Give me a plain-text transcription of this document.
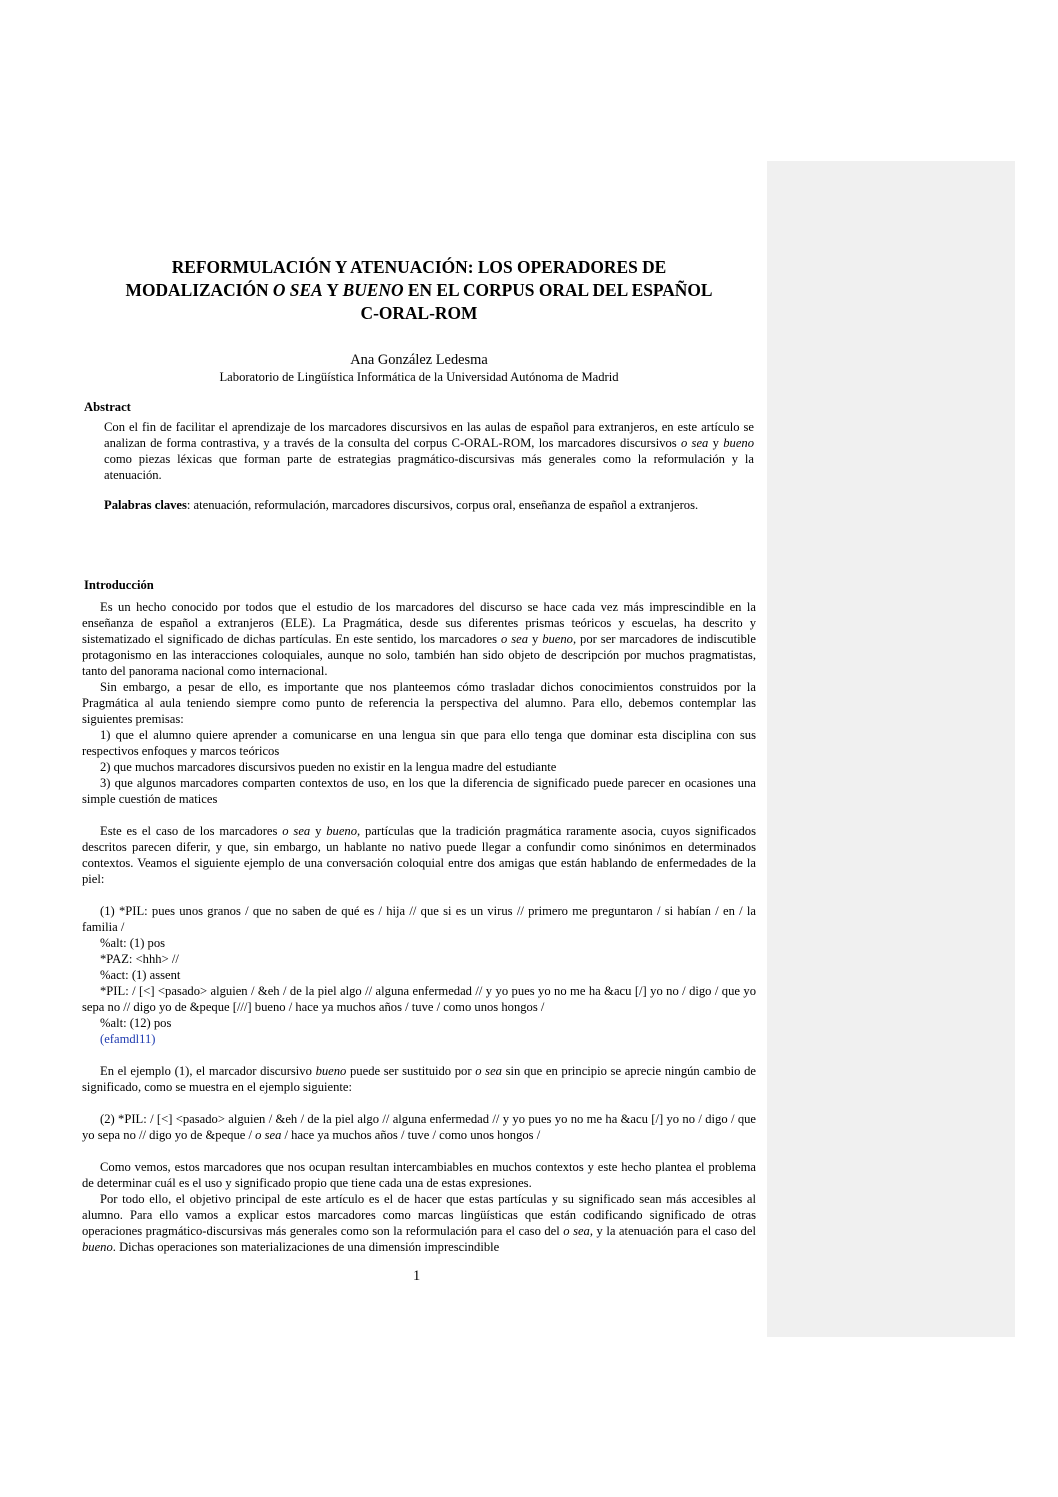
REFORMULACIÓN Y ATENUACIÓN: LOS OPERADORES DE
MODALIZACIÓN O SEA Y BUENO EN EL CORPUS ORAL DEL ESPAÑOL
C-ORAL-ROM
Ana González Ledesma
Laboratorio de Lingüística Informática de la Universidad Autónoma de Madrid
Abstract
Con el fin de facilitar el aprendizaje de los marcadores discursivos en las aulas de español para extranjeros, en este artículo se analizan de forma contrastiva, y a través de la consulta del corpus C-ORAL-ROM, los marcadores discursivos o sea y bueno como piezas léxicas que forman parte de estrategias pragmático-discursivas más generales como la reformulación y la atenuación.
Palabras claves: atenuación, reformulación, marcadores discursivos, corpus oral, enseñanza de español a extranjeros.
Introducción

Es un hecho conocido por todos que el estudio de los marcadores del discurso se hace cada vez más imprescindible en la enseñanza de español a extranjeros (ELE). La Pragmática, desde sus diferentes prismas teóricos y escuelas, ha descrito y sistematizado el significado de dichas partículas. En este sentido, los marcadores o sea y bueno, por ser marcadores de indiscutible protagonismo en las interacciones coloquiales, aunque no solo, también han sido objeto de descripción por muchos pragmatistas, tanto del panorama nacional como internacional.

Sin embargo, a pesar de ello, es importante que nos planteemos cómo trasladar dichos conocimientos construidos por la Pragmática al aula teniendo siempre como punto de referencia la perspectiva del alumno. Para ello, debemos contemplar las siguientes premisas:

1) que el alumno quiere aprender a comunicarse en una lengua sin que para ello tenga que dominar esta disciplina con sus respectivos enfoques y marcos teóricos

2) que muchos marcadores discursivos pueden no existir en la lengua madre del estudiante

3) que algunos marcadores comparten contextos de uso, en los que la diferencia de significado puede parecer en ocasiones una simple cuestión de matices

Este es el caso de los marcadores o sea y bueno, partículas que la tradición pragmática raramente asocia, cuyos significados descritos parecen diferir, y que, sin embargo, un hablante no nativo puede llegar a confundir como sinónimos en determinados contextos. Veamos el siguiente ejemplo de una conversación coloquial entre dos amigas que están hablando de enfermedades de la piel:

(1) *PIL: pues unos granos / que no saben de qué es / hija // que si es un virus // primero me preguntaron / si habían / en / la familia /

%alt: (1) pos
*PAZ: <hhh> //
%act: (1) assent

*PIL: / [<] <pasado> alguien / &eh / de la piel algo // alguna enfermedad // y yo pues yo no me ha &acu [/] yo no / digo / que yo sepa no // digo yo de &peque [///] bueno / hace ya muchos años / tuve / como unos hongos /

%alt: (12) pos
(efamdl11)

En el ejemplo (1), el marcador discursivo bueno puede ser sustituido por o sea sin que en principio se aprecie ningún cambio de significado, como se muestra en el ejemplo siguiente:

(2) *PIL: / [<] <pasado> alguien / &eh / de la piel algo // alguna enfermedad // y yo pues yo no me ha &acu [/] yo no / digo / que yo sepa no // digo yo de &peque / o sea / hace ya muchos años / tuve / como unos hongos /

Como vemos, estos marcadores que nos ocupan resultan intercambiables en muchos contextos y este hecho plantea el problema de determinar cuál es el uso y significado propio que tiene cada una de estas expresiones.

Por todo ello, el objetivo principal de este artículo es el de hacer que estas partículas y su significado sean más accesibles al alumno. Para ello vamos a explicar estos marcadores como marcas lingüísticas que están codificando significado de otras operaciones pragmático-discursivas más generales como son la reformulación para el caso del o sea, y la atenuación para el caso del bueno. Dichas operaciones son materializaciones de una dimensión imprescindible

1
